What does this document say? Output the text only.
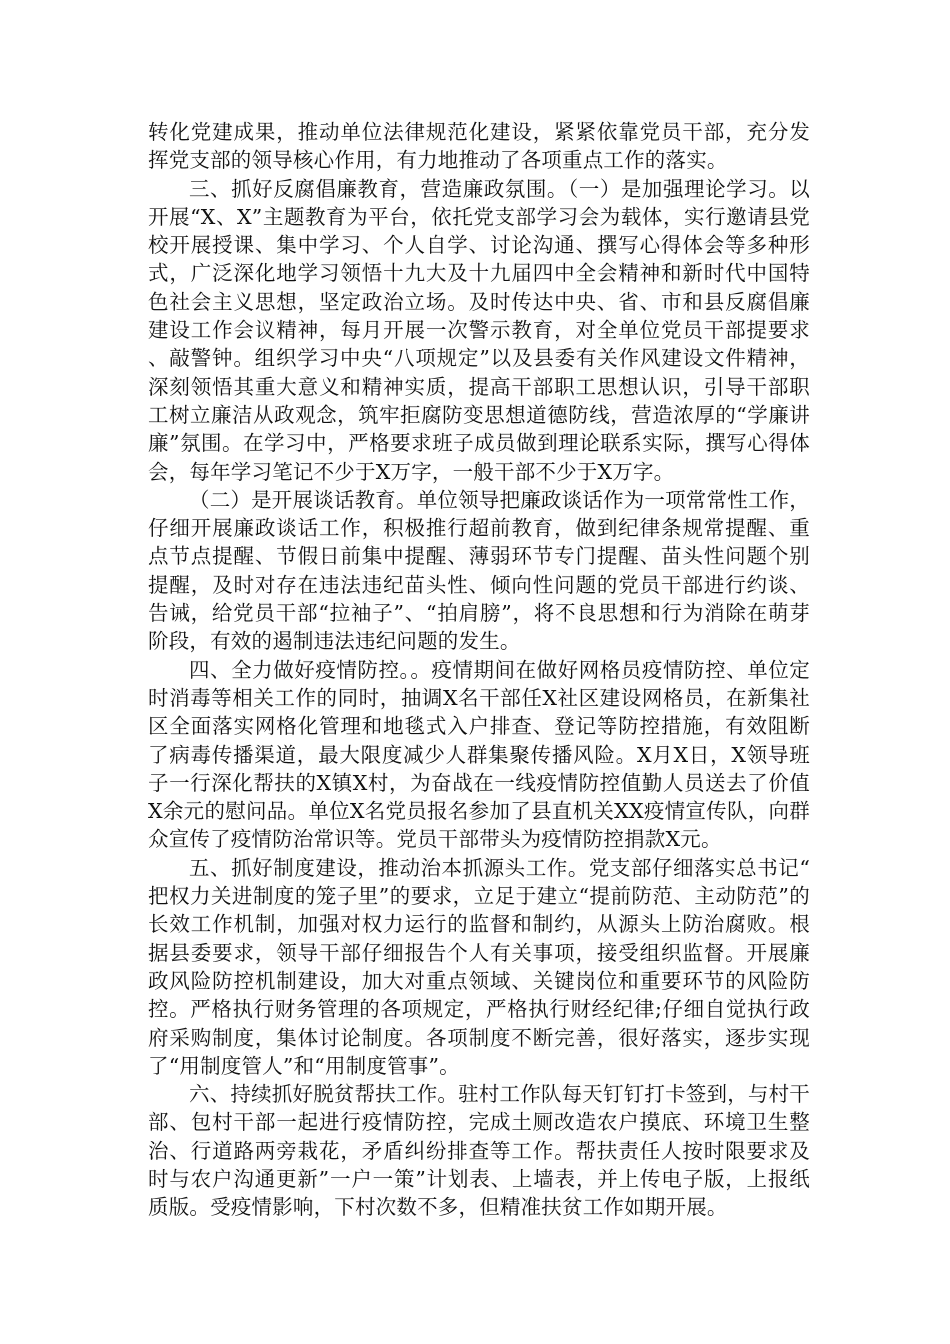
转化党建成果，推动单位法律规范化建设，紧紧依靠党员干部，充分发挥党支部的领导核心作用，有力地推动了各项重点工作的落实。

三、抓好反腐倡廉教育，营造廉政氛围。（一）是加强理论学习。以开展“X、X”主题教育为平台，依托党支部学习会为载体，实行邀请县党校开展授课、集中学习、个人自学、讨论沟通、撰写心得体会等多种形式，广泛深化地学习领悟十九大及十九届四中全会精神和新时代中国特色社会主义思想，坚定政治立场。及时传达中央、省、市和县反腐倡廉建设工作会议精神，每月开展一次警示教育，对全单位党员干部提要求、敲警钟。组织学习中央“八项规定”以及县委有关作风建设文件精神，深刻领悟其重大意义和精神实质，提高干部职工思想认识，引导干部职工树立廉洁从政观念，筑牢拒腐防变思想道德防线，营造浓厚的“学廉讲廉”氛围。在学习中，严格要求班子成员做到理论联系实际，撰写心得体会，每年学习笔记不少于X万字，一般干部不少于X万字。

（二）是开展谈话教育。单位领导把廉政谈话作为一项常常性工作，仔细开展廉政谈话工作，积极推行超前教育，做到纪律条规常提醒、重点节点提醒、节假日前集中提醒、薄弱环节专门提醒、苗头性问题个别提醒，及时对存在违法违纪苗头性、倾向性问题的党员干部进行约谈、告诫，给党员干部“拉袖子”、“拍肩膀”，将不良思想和行为消除在萌芽阶段，有效的遏制违法违纪问题的发生。

四、全力做好疫情防控。。疫情期间在做好网格员疫情防控、单位定时消毒等相关工作的同时，抽调X名干部任X社区建设网格员，在新集社区全面落实网格化管理和地毯式入户排查、登记等防控措施，有效阻断了病毒传播渠道，最大限度减少人群集聚传播风险。X月X日，X领导班子一行深化帮扶的X镇X村，为奋战在一线疫情防控值勤人员送去了价值X余元的慰问品。单位X名党员报名参加了县直机关XX疫情宣传队，向群众宣传了疫情防治常识等。党员干部带头为疫情防控捐款X元。

五、抓好制度建设，推动治本抓源头工作。党支部仔细落实总书记“把权力关进制度的笼子里”的要求，立足于建立“提前防范、主动防范”的长效工作机制，加强对权力运行的监督和制约，从源头上防治腐败。根据县委要求，领导干部仔细报告个人有关事项，接受组织监督。开展廉政风险防控机制建设，加大对重点领域、关键岗位和重要环节的风险防控。严格执行财务管理的各项规定，严格执行财经纪律;仔细自觉执行政府采购制度，集体讨论制度。各项制度不断完善，很好落实，逐步实现了“用制度管人”和“用制度管事”。

六、持续抓好脱贫帮扶工作。驻村工作队每天钉钉打卡签到，与村干部、包村干部一起进行疫情防控，完成土厕改造农户摸底、环境卫生整治、行道路两旁栽花，矛盾纠纷排查等工作。帮扶责任人按时限要求及时与农户沟通更新”一户一策”计划表、上墙表，并上传电子版，上报纸质版。受疫情影响，下村次数不多，但精准扶贫工作如期开展。
